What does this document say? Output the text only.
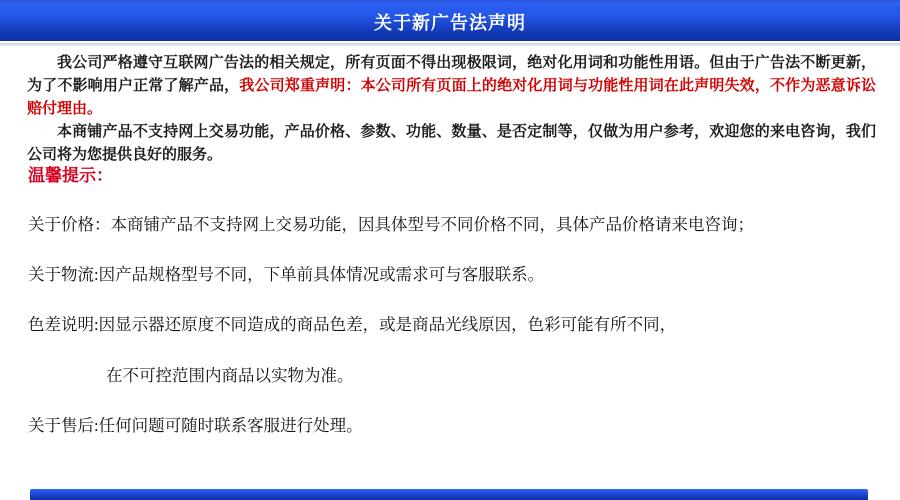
关于新广告法声明

我公司严格遵守互联网广告法的相关规定，所有页面不得出现极限词，绝对化用词和功能性用语。但由于广告法不断更新，为了不影响用户正常了解产品，我公司郑重声明：本公司所有页面上的绝对化用词与功能性用词在此声明失效，不作为恶意诉讼赔付理由。

本商铺产品不支持网上交易功能，产品价格、参数、功能、数量、是否定制等，仅做为用户参考，欢迎您的来电咨询，我们公司将为您提供良好的服务。

温馨提示：
关于价格：本商铺产品不支持网上交易功能，因具体型号不同价格不同，具体产品价格请来电咨询；
关于物流:因产品规格型号不同，下单前具体情况或需求可与客服联系。
色差说明:因显示器还原度不同造成的商品色差，或是商品光线原因，色彩可能有所不同，
在不可控范围内商品以实物为准。
关于售后:任何问题可随时联系客服进行处理。
